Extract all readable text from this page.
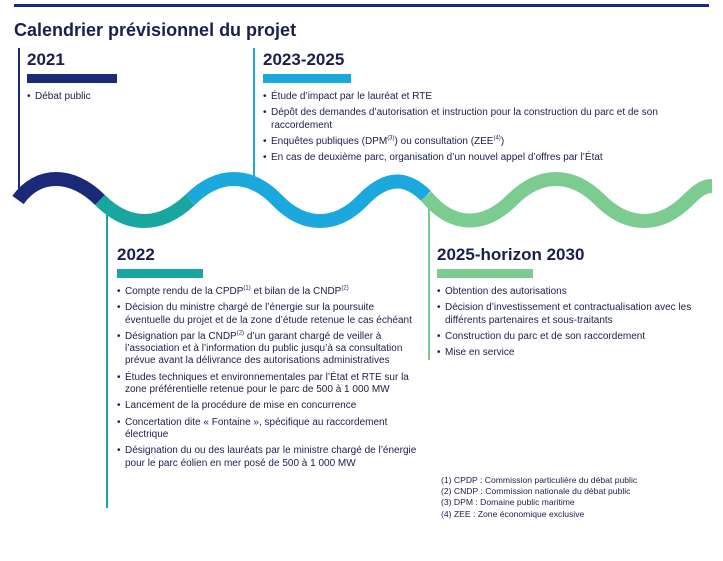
Calendrier prévisionnel du projet
2021
• Débat public
2023-2025
• Étude d’impact par le lauréat et RTE
• Dépôt des demandes d’autorisation et instruction pour la construction du parc et de son raccordement
• Enquêtes publiques (DPM$^{(3)}$) ou consultation (ZEE$^{(4)}$)
• En cas de deuxième parc, organisation d’un nouvel appel d’offres par l’État
2022
• Compte rendu de la CPDP$^{(1)}$ et bilan de la CNDP$^{(2)}$
• Décision du ministre chargé de l’énergie sur la poursuite éventuelle du projet et de la zone d’étude retenue le cas échéant
• Désignation par la CNDP$^{(2)}$ d’un garant chargé de veiller à l’association et à l’information du public jusqu’à sa consultation prévue avant la délivrance des autorisations administratives
• Études techniques et environnementales par l’État et RTE sur la zone préférentielle retenue pour le parc de 500 à 1 000 MW
• Lancement de la procédure de mise en concurrence
• Concertation dite « Fontaine », spécifique au raccordement électrique
• Désignation du ou des lauréats par le ministre chargé de l’énergie pour le parc éolien en mer posé de 500 à 1 000 MW
2025-horizon 2030
• Obtention des autorisations
• Décision d’investissement et contractualisation avec les différents partenaires et sous-traitants
• Construction du parc et de son raccordement
• Mise en service
(1) CPDP : Commission particulière du débat public
(2) CNDP : Commission nationale du débat public
(3) DPM : Domaine public maritime
(4) ZEE : Zone économique exclusive
